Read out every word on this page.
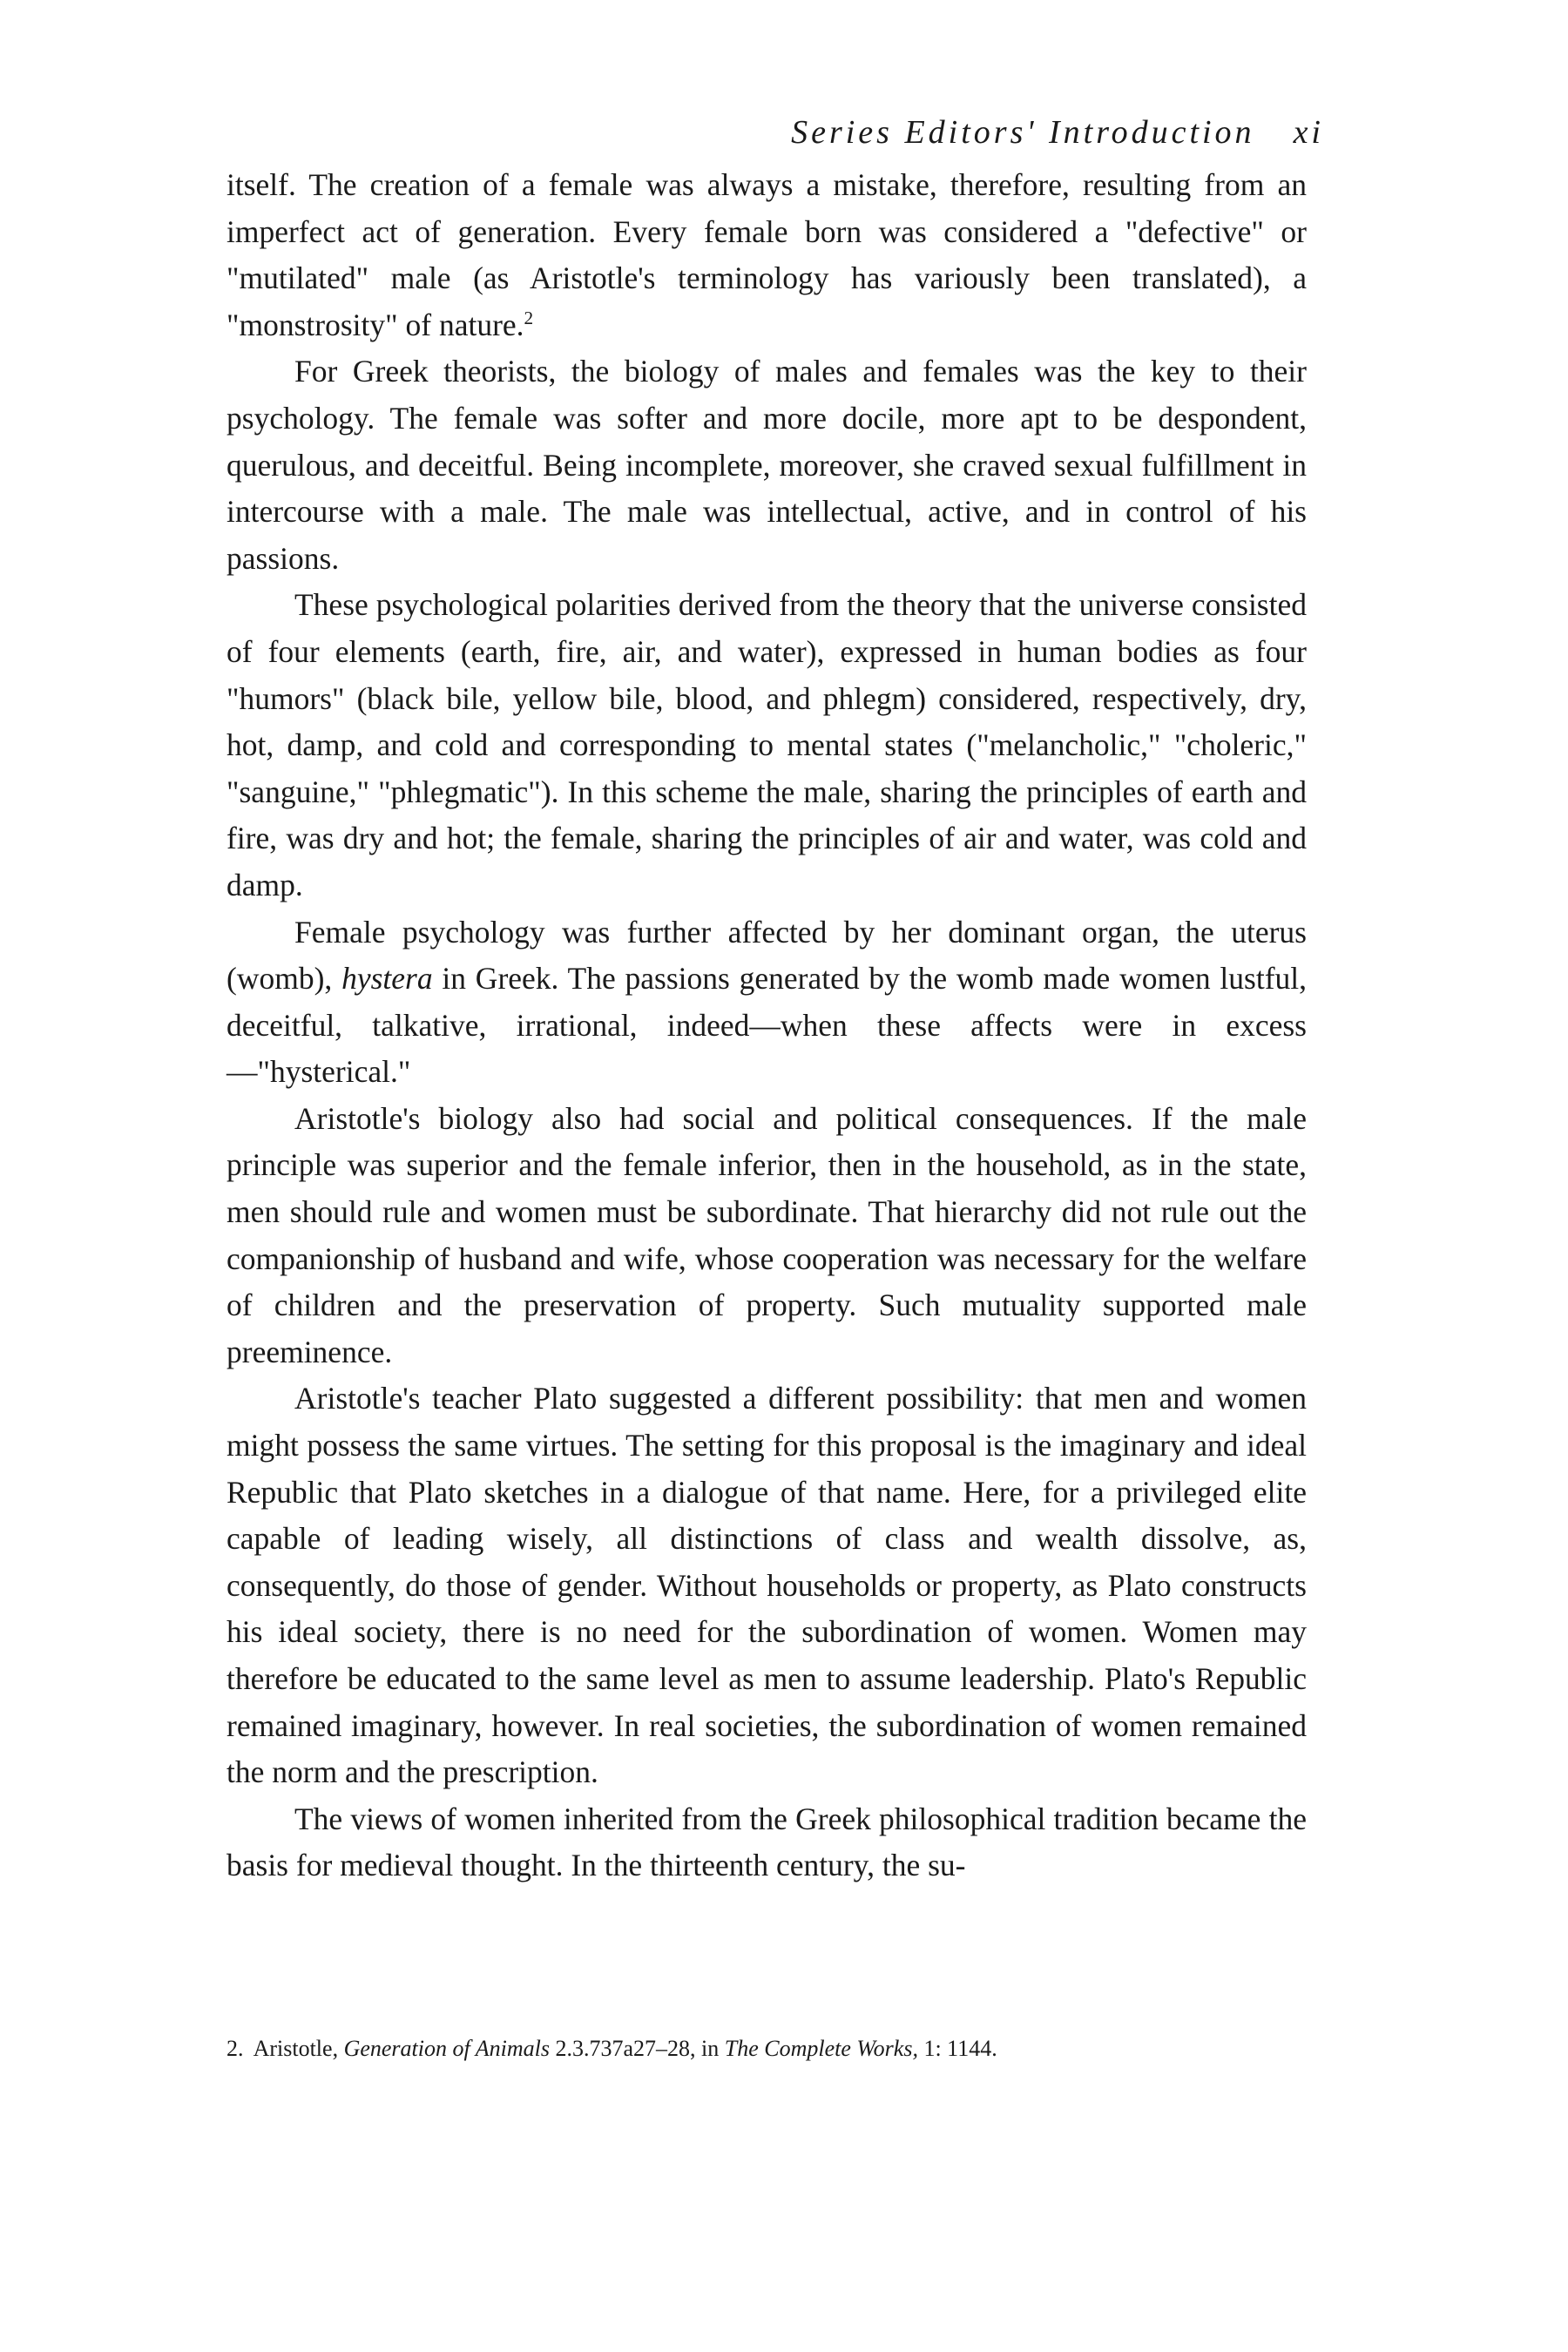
Series Editors' Introduction xi

itself. The creation of a female was always a mistake, therefore, resulting from an imperfect act of generation. Every female born was considered a "defective" or "mutilated" male (as Aristotle's terminology has variously been translated), a "monstrosity" of nature.$^2$

For Greek theorists, the biology of males and females was the key to their psychology. The female was softer and more docile, more apt to be despondent, querulous, and deceitful. Being incomplete, moreover, she craved sexual fulfillment in intercourse with a male. The male was intellectual, active, and in control of his passions.

These psychological polarities derived from the theory that the universe consisted of four elements (earth, fire, air, and water), expressed in human bodies as four "humors" (black bile, yellow bile, blood, and phlegm) considered, respectively, dry, hot, damp, and cold and corresponding to mental states ("melancholic," "choleric," "sanguine," "phlegmatic"). In this scheme the male, sharing the principles of earth and fire, was dry and hot; the female, sharing the principles of air and water, was cold and damp.

Female psychology was further affected by her dominant organ, the uterus (womb), hystera in Greek. The passions generated by the womb made women lustful, deceitful, talkative, irrational, indeed—when these affects were in excess—"hysterical."

Aristotle's biology also had social and political consequences. If the male principle was superior and the female inferior, then in the household, as in the state, men should rule and women must be subordinate. That hierarchy did not rule out the companionship of husband and wife, whose cooperation was necessary for the welfare of children and the preservation of property. Such mutuality supported male preeminence.

Aristotle's teacher Plato suggested a different possibility: that men and women might possess the same virtues. The setting for this proposal is the imaginary and ideal Republic that Plato sketches in a dialogue of that name. Here, for a privileged elite capable of leading wisely, all distinctions of class and wealth dissolve, as, consequently, do those of gender. Without households or property, as Plato constructs his ideal society, there is no need for the subordination of women. Women may therefore be educated to the same level as men to assume leadership. Plato's Republic remained imaginary, however. In real societies, the subordination of women remained the norm and the prescription.

The views of women inherited from the Greek philosophical tradition became the basis for medieval thought. In the thirteenth century, the su-

2. Aristotle, Generation of Animals 2.3.737a27–28, in The Complete Works, 1: 1144.
